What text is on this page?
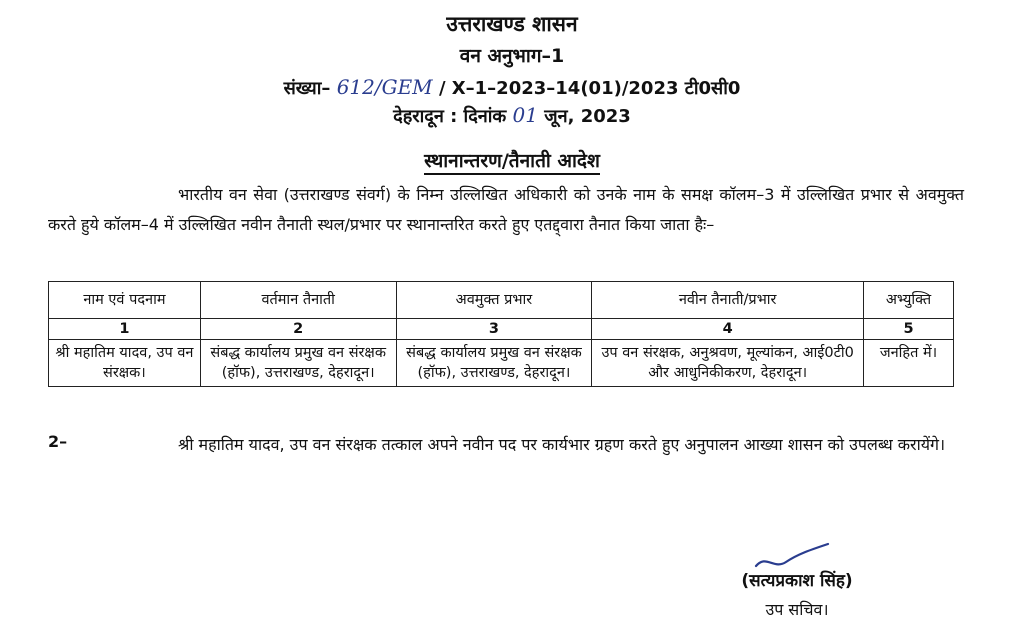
उत्तराखण्ड शासन
वन अनुभाग–1
संख्या– 612/GEM / X–1–2023–14(01)/2023 टी0सी0
देहरादून : दिनांक 01 जून, 2023
स्थानान्तरण/तैनाती आदेश
भारतीय वन सेवा (उत्तराखण्ड संवर्ग) के निम्न उल्लिखित अधिकारी को उनके नाम के समक्ष कॉलम–3 में उल्लिखित प्रभार से अवमुक्त करते हुये कॉलम–4 में उल्लिखित नवीन तैनाती स्थल/प्रभार पर स्थानान्तरित करते हुए एतद्द्वारा तैनात किया जाता हैः–
नाम एवं पदनाम	वर्तमान तैनाती	अवमुक्त प्रभार	नवीन तैनाती/प्रभार	अभ्युक्ति
1	2	3	4	5
श्री महातिम यादव, उप वन संरक्षक।	संबद्ध कार्यालय प्रमुख वन संरक्षक (हॉफ), उत्तराखण्ड, देहरादून।	संबद्ध कार्यालय प्रमुख वन संरक्षक (हॉफ), उत्तराखण्ड, देहरादून।	उप वन संरक्षक, अनुश्रवण, मूल्यांकन, आई0टी0 और आधुनिकीकरण, देहरादून।	जनहित में।
2–	श्री महातिम यादव, उप वन संरक्षक तत्काल अपने नवीन पद पर कार्यभार ग्रहण करते हुए अनुपालन आख्या शासन को उपलब्ध करायेंगे।
(सत्यप्रकाश सिंह)
उप सचिव।
